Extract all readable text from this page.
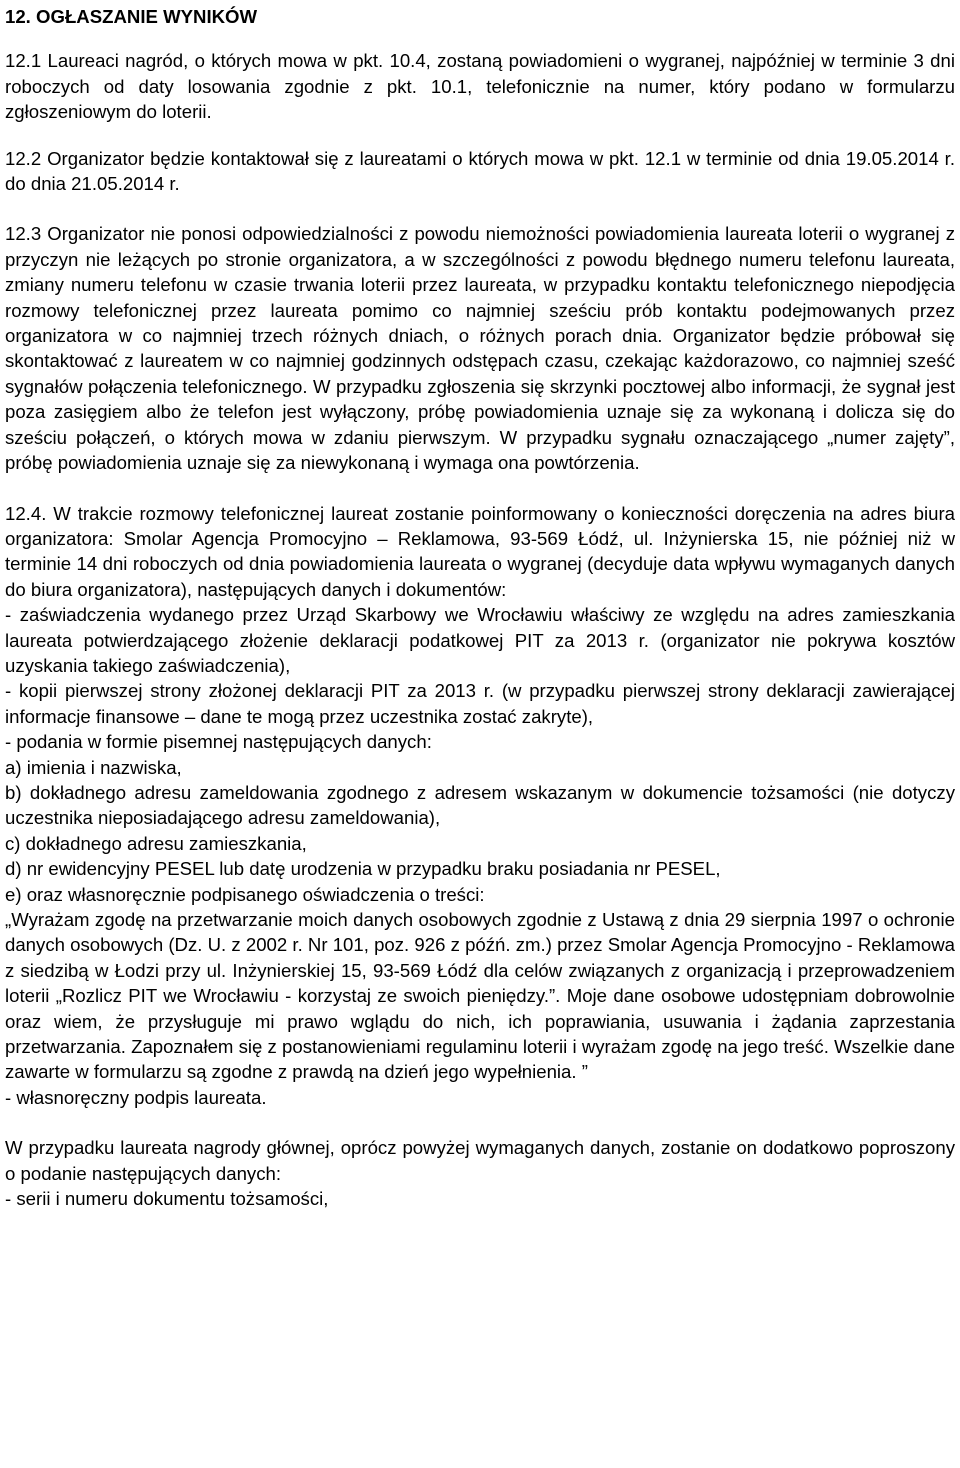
12. OGŁASZANIE WYNIKÓW

12.1 Laureaci nagród, o których mowa w pkt. 10.4, zostaną powiadomieni o wygranej, najpóźniej w terminie 3 dni roboczych od daty losowania zgodnie z pkt. 10.1, telefonicznie na numer, który podano w formularzu zgłoszeniowym do loterii.

12.2 Organizator będzie kontaktował się z laureatami o których mowa w pkt. 12.1 w terminie od dnia 19.05.2014 r. do dnia 21.05.2014 r.

12.3 Organizator nie ponosi odpowiedzialności z powodu niemożności powiadomienia laureata loterii o wygranej z przyczyn nie leżących po stronie organizatora, a w szczególności z powodu błędnego numeru telefonu laureata, zmiany numeru telefonu w czasie trwania loterii przez laureata, w przypadku kontaktu telefonicznego niepodjęcia rozmowy telefonicznej przez laureata pomimo co najmniej sześciu prób kontaktu podejmowanych przez organizatora w co najmniej trzech różnych dniach, o różnych porach dnia. Organizator będzie próbował się skontaktować z laureatem w co najmniej godzinnych odstępach czasu, czekając każdorazowo, co najmniej sześć sygnałów połączenia telefonicznego. W przypadku zgłoszenia się skrzynki pocztowej albo informacji, że sygnał jest poza zasięgiem albo że telefon jest wyłączony, próbę powiadomienia uznaje się za wykonaną i dolicza się do sześciu połączeń, o których mowa w zdaniu pierwszym. W przypadku sygnału oznaczającego „numer zajęty”, próbę powiadomienia uznaje się za niewykonaną i wymaga ona powtórzenia.

12.4. W trakcie rozmowy telefonicznej laureat zostanie poinformowany o konieczności doręczenia na adres biura organizatora: Smolar Agencja Promocyjno – Reklamowa, 93-569 Łódź, ul. Inżynierska 15, nie później niż w terminie 14 dni roboczych od dnia powiadomienia laureata o wygranej (decyduje data wpływu wymaganych danych do biura organizatora), następujących danych i dokumentów:

- zaświadczenia wydanego przez Urząd Skarbowy we Wrocławiu właściwy ze względu na adres zamieszkania laureata potwierdzającego złożenie deklaracji podatkowej PIT za 2013 r. (organizator nie pokrywa kosztów uzyskania takiego zaświadczenia),

- kopii pierwszej strony złożonej deklaracji PIT za 2013 r. (w przypadku pierwszej strony deklaracji zawierającej informacje finansowe – dane te mogą przez uczestnika zostać zakryte),

- podania w formie pisemnej następujących danych:

a) imienia i nazwiska,

b) dokładnego adresu zameldowania zgodnego z adresem wskazanym w dokumencie tożsamości (nie dotyczy uczestnika nieposiadającego adresu zameldowania),

c) dokładnego adresu zamieszkania,

d) nr ewidencyjny PESEL lub datę urodzenia w przypadku braku posiadania nr PESEL,

e) oraz własnoręcznie podpisanego oświadczenia o treści:

„Wyrażam zgodę na przetwarzanie moich danych osobowych zgodnie z Ustawą z dnia 29 sierpnia 1997 o ochronie danych osobowych (Dz. U. z 2002 r. Nr 101, poz. 926 z późń. zm.) przez Smolar Agencja Promocyjno - Reklamowa z siedzibą w Łodzi przy ul. Inżynierskiej 15, 93-569 Łódź dla celów związanych z organizacją i przeprowadzeniem loterii „Rozlicz PIT we Wrocławiu - korzystaj ze swoich pieniędzy.”. Moje dane osobowe udostępniam dobrowolnie oraz wiem, że przysługuje mi prawo wglądu do nich, ich poprawiania, usuwania i żądania zaprzestania przetwarzania. Zapoznałem się z postanowieniami regulaminu loterii i wyrażam zgodę na jego treść. Wszelkie dane zawarte w formularzu są zgodne z prawdą na dzień jego wypełnienia. ”

- własnoręczny podpis laureata.

W przypadku laureata nagrody głównej, oprócz powyżej wymaganych danych, zostanie on dodatkowo poproszony o podanie następujących danych:

- serii i numeru dokumentu tożsamości,
